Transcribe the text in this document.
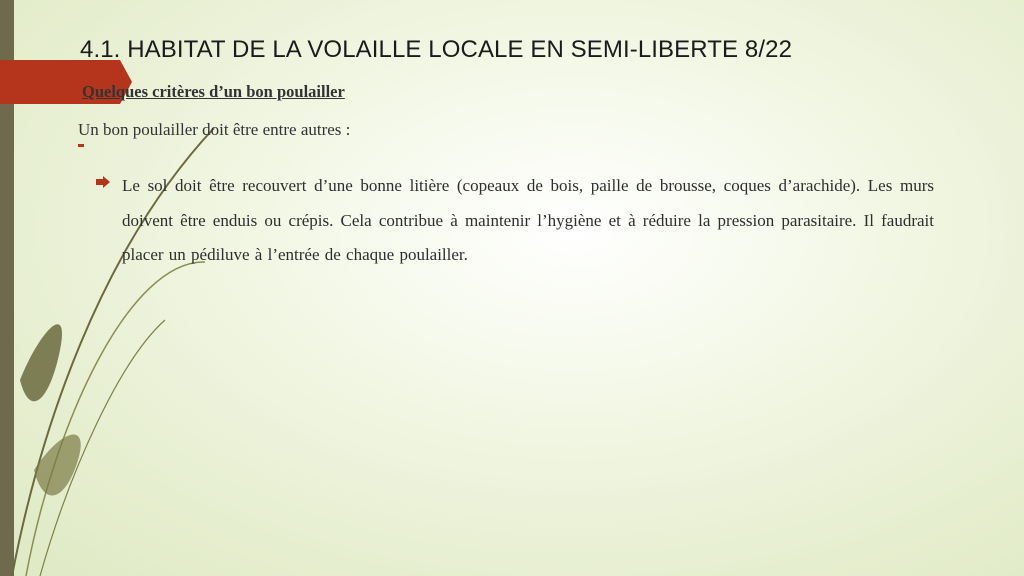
4.1. HABITAT DE LA VOLAILLE LOCALE EN SEMI-LIBERTE 8/22
Quelques critères d’un bon poulailler
Un bon poulailler doit être entre autres :
Le sol doit être recouvert d’une bonne litière (copeaux de bois, paille de brousse, coques d’arachide). Les murs doivent être enduis ou crépis. Cela contribue à maintenir l’hygiène et à réduire la pression parasitaire. Il faudrait placer un pédiluve à l’entrée de chaque poulailler.
